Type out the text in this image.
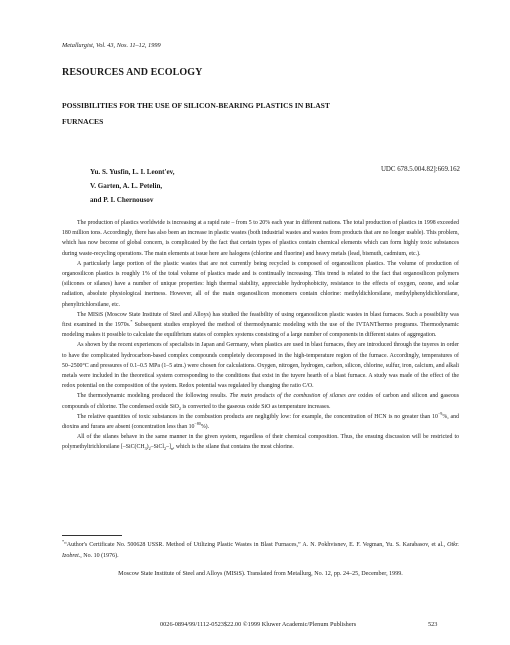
Metallurgist, Vol. 43, Nos. 11–12, 1999
RESOURCES AND ECOLOGY
POSSIBILITIES FOR THE USE OF SILICON-BEARING PLASTICS IN BLAST FURNACES
Yu. S. Yusfin, L. I. Leont'ev,
V. Garten, A. L. Petelin,
and P. I. Chernousov
UDC 678.5.004.82]:669.162

The production of plastics worldwide is increasing at a rapid rate – from 5 to 20% each year in different nations. The total production of plastics in 1998 exceeded 180 million tons. Accordingly, there has also been an increase in plastic wastes (both industrial wastes and wastes from products that are no longer usable). This problem, which has now become of global concern, is complicated by the fact that certain types of plastics contain chemical elements which can form highly toxic substances during waste-recycling operations. The main elements at issue here are halogens (chlorine and fluorine) and heavy metals (lead, bismuth, cadmium, etc.).

A particularly large portion of the plastic wastes that are not currently being recycled is composed of organosilicon plastics. The volume of production of organosilicon plastics is roughly 1% of the total volume of plastics made and is continually increasing. This trend is related to the fact that organosilicon polymers (silicones or silanes) have a number of unique properties: high thermal stability, appreciable hydrophobicity, resistance to the effects of oxygen, ozone, and solar radiation, absolute physiological inertness. However, all of the main organosilicon monomers contain chlorine: methyldichlorsilane, methylphenyldichlorsilane, phenyltrichlorsilane, etc.

The MISiS (Moscow State Institute of Steel and Alloys) has studied the feasibility of using organosilicon plastic wastes in blast furnaces. Such a possibility was first examined in the 1970s.* Subsequent studies employed the method of thermodynamic modeling with the use of the IVTANThermo programs. Thermodynamic modeling makes it possible to calculate the equilibrium states of complex systems consisting of a large number of components in different states of aggregation.

As shown by the recent experiences of specialists in Japan and Germany, when plastics are used in blast furnaces, they are introduced through the tuyeres in order to have the complicated hydrocarbon-based complex compounds completely decomposed in the high-temperature region of the furnace. Accordingly, temperatures of 50–2500°C and pressures of 0.1–0.5 MPa (1–5 atm.) were chosen for calculations. Oxygen, nitrogen, hydrogen, carbon, silicon, chlorine, sulfur, iron, calcium, and alkali metals were included in the theoretical system corresponding to the conditions that exist in the tuyere hearth of a blast furnace. A study was made of the effect of the redox potential on the composition of the system. Redox potential was regulated by changing the ratio C/O.

The thermodynamic modeling produced the following results. The main products of the combustion of silanes are oxides of carbon and silicon and gaseous compounds of chlorine. The condensed oxide SiO$_2$ is converted to the gaseous oxide SiO as temperature increases.

The relative quantities of toxic substances in the combustion products are negligibly low: for example, the concentration of HCN is no greater than $10^{-9}\%$, and dioxins and furans are absent (concentration less than $10^{-80}\%$).

All of the silanes behave in the same manner in the given system, regardless of their chemical composition. Thus, the ensuing discussion will be restricted to polymethyltrichlorsilane $[-SiC(CH_3)_2-SiCl_2-]_n$, which is the silane that contains the most chlorine.

*“Author's Certificate No. 500628 USSR. Method of Utilizing Plastic Wastes in Blast Furnaces,” A. N. Pokhvisnev, E. F. Vegman, Yu. S. Karabasov, et al., Otkr. Izobret., No. 10 (1976).
Moscow State Institute of Steel and Alloys (MISiS). Translated from Metallurg, No. 12, pp. 24–25, December, 1999.
0026-0894/99/1112-0523$22.00 ©1999 Kluwer Academic/Plenum Publishers	523
